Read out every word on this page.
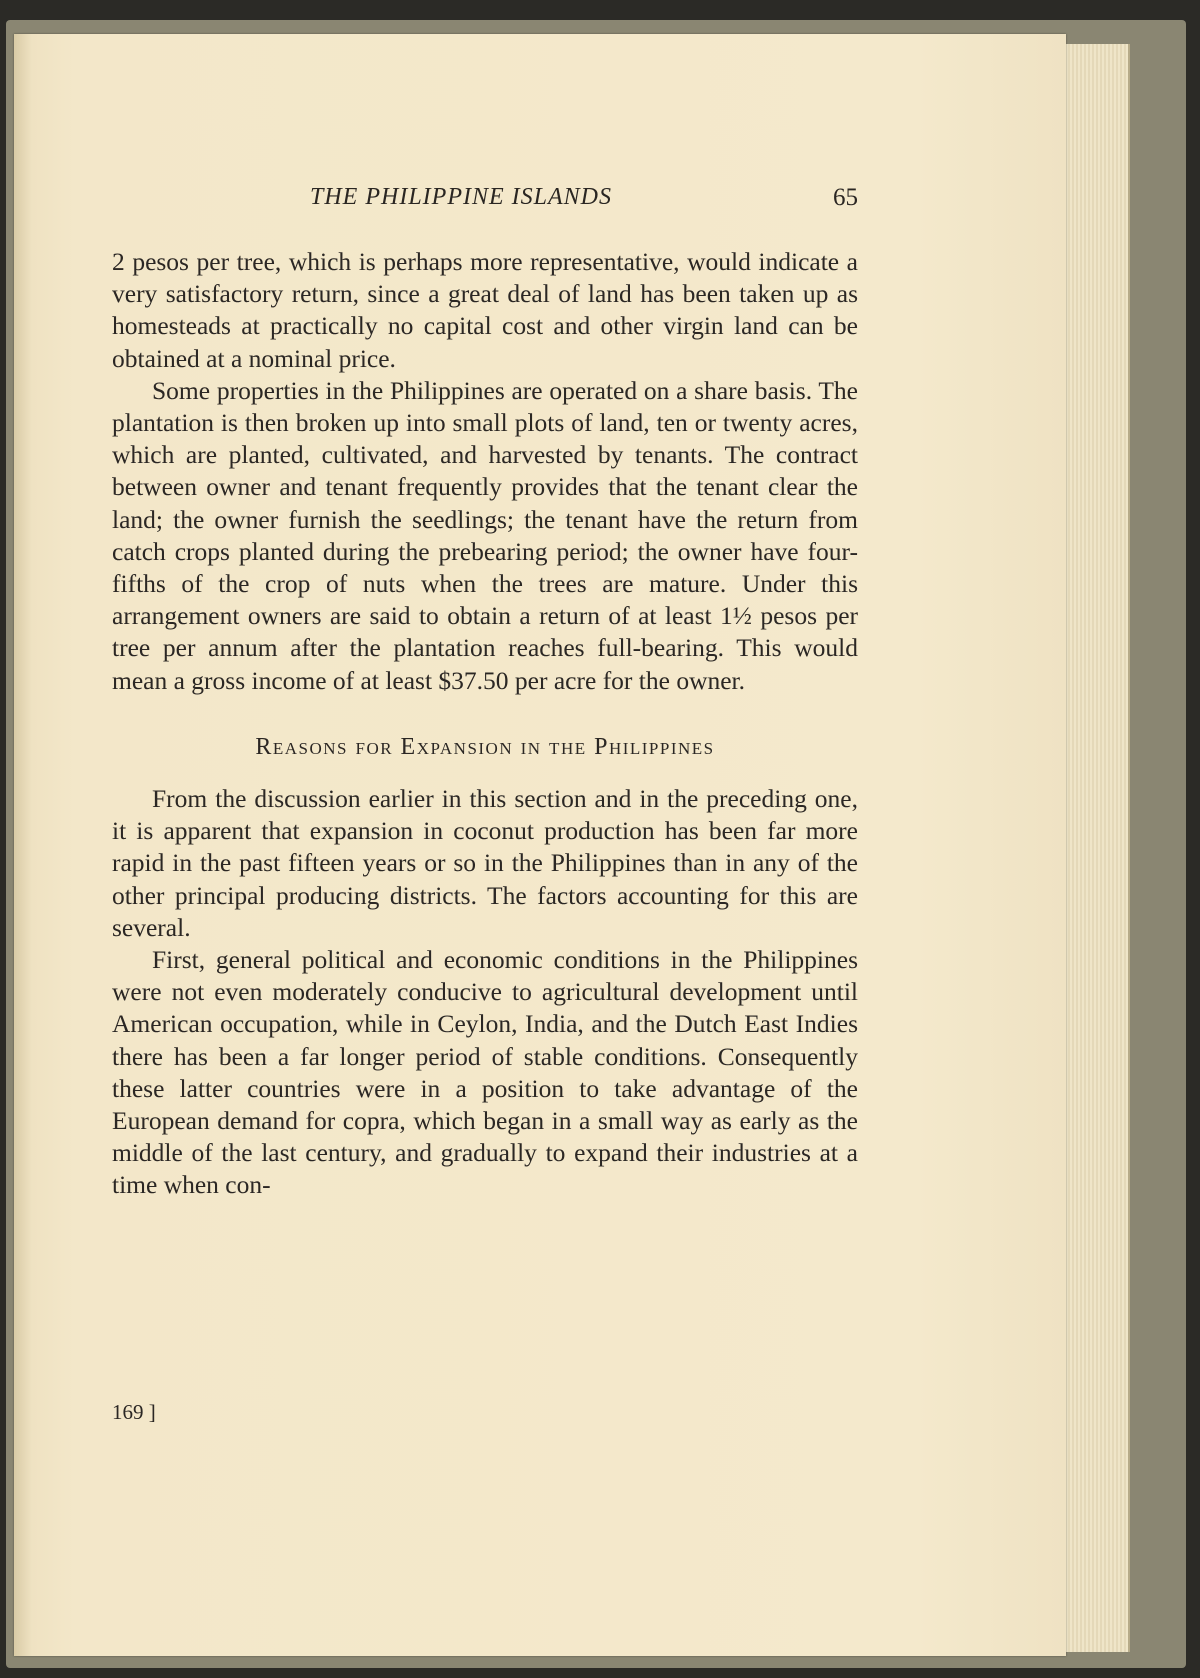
THE PHILIPPINE ISLANDS	65

2 pesos per tree, which is perhaps more representative, would indicate a very satisfactory return, since a great deal of land has been taken up as homesteads at practically no capital cost and other virgin land can be obtained at a nominal price.

Some properties in the Philippines are operated on a share basis. The plantation is then broken up into small plots of land, ten or twenty acres, which are planted, cultivated, and harvested by tenants. The contract between owner and tenant frequently provides that the tenant clear the land; the owner furnish the seedlings; the tenant have the return from catch crops planted during the prebearing period; the owner have four-fifths of the crop of nuts when the trees are mature. Under this arrangement owners are said to obtain a return of at least 1½ pesos per tree per annum after the plantation reaches full-bearing. This would mean a gross income of at least $37.50 per acre for the owner.

Reasons for Expansion in the Philippines

From the discussion earlier in this section and in the preceding one, it is apparent that expansion in coconut production has been far more rapid in the past fifteen years or so in the Philippines than in any of the other principal producing districts. The factors accounting for this are several.

First, general political and economic conditions in the Philippines were not even moderately conducive to agricultural development until American occupation, while in Ceylon, India, and the Dutch East Indies there has been a far longer period of stable conditions. Consequently these latter countries were in a position to take advantage of the European demand for copra, which began in a small way as early as the middle of the last century, and gradually to expand their industries at a time when con-

169 ]
